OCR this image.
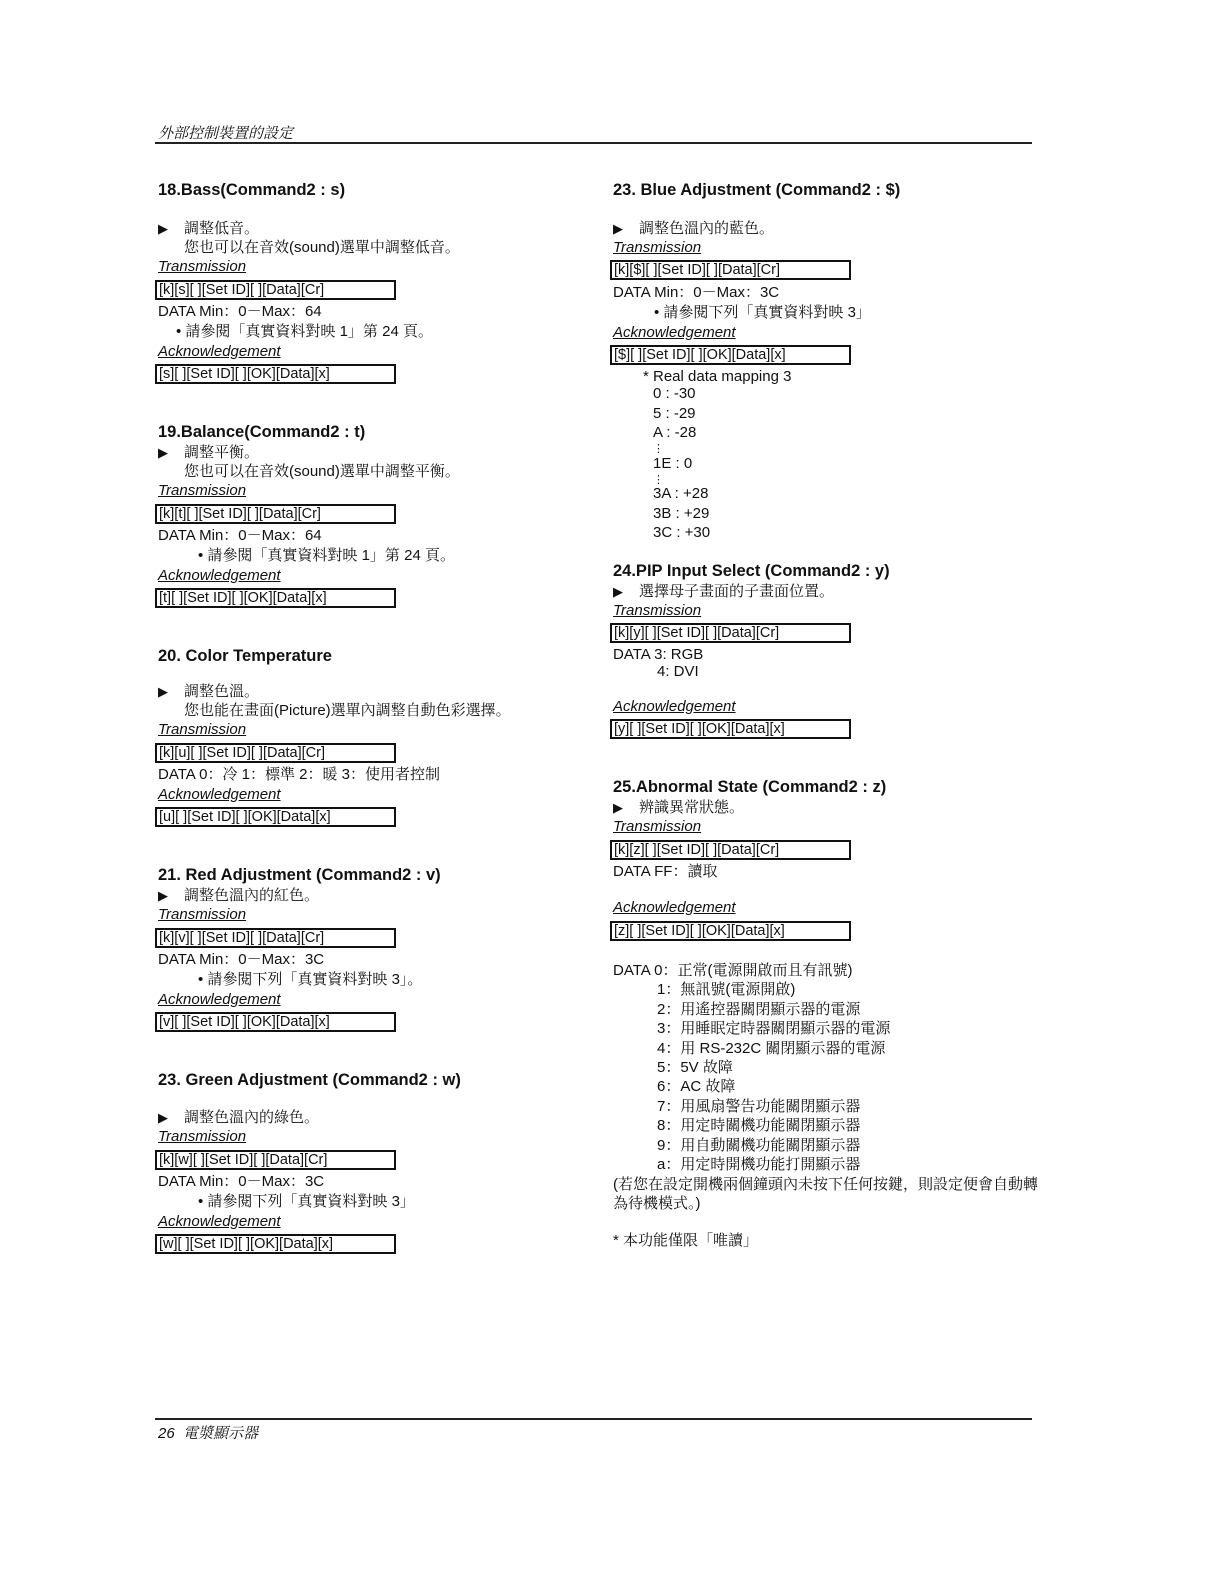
外部控制裝置的設定
18.Bass(Command2 : s)
▶ 調整低音。
您也可以在音效(sound)選單中調整低音。
Transmission
[k][s][ ][Set ID][ ][Data][Cr]
DATA Min：0－Max：64
• 請參閱「真實資料對映 1」第 24 頁。
Acknowledgement
[s][ ][Set ID][ ][OK][Data][x]
19.Balance(Command2 : t)
▶ 調整平衡。
您也可以在音效(sound)選單中調整平衡。
Transmission
[k][t][ ][Set ID][ ][Data][Cr]
DATA Min：0－Max：64
• 請參閱「真實資料對映 1」第 24 頁。
Acknowledgement
[t][ ][Set ID][ ][OK][Data][x]
20. Color Temperature
▶ 調整色溫。
您也能在畫面(Picture)選單內調整自動色彩選擇。
Transmission
[k][u][ ][Set ID][ ][Data][Cr]
DATA 0：冷 1：標準 2：暖 3：使用者控制
Acknowledgement
[u][ ][Set ID][ ][OK][Data][x]
21. Red Adjustment (Command2 : v)
▶ 調整色溫內的紅色。
Transmission
[k][v][ ][Set ID][ ][Data][Cr]
DATA Min：0－Max：3C
• 請參閱下列「真實資料對映 3」。
Acknowledgement
[v][ ][Set ID][ ][OK][Data][x]
23. Green Adjustment (Command2 : w)
▶ 調整色溫內的綠色。
Transmission
[k][w][ ][Set ID][ ][Data][Cr]
DATA Min：0－Max：3C
• 請參閱下列「真實資料對映 3」
Acknowledgement
[w][ ][Set ID][ ][OK][Data][x]
23. Blue Adjustment (Command2 : $)
▶ 調整色溫內的藍色。
Transmission
[k][$][ ][Set ID][ ][Data][Cr]
DATA Min：0－Max：3C
• 請參閱下列「真實資料對映 3」
Acknowledgement
[$][ ][Set ID][ ][OK][Data][x]
* Real data mapping 3
0 : -30
5 : -29
A : -28
⋮
1E : 0
⋮
3A : +28
3B : +29
3C : +30
24.PIP Input Select (Command2 : y)
▶ 選擇母子畫面的子畫面位置。
Transmission
[k][y][ ][Set ID][ ][Data][Cr]
DATA 3: RGB
4: DVI
Acknowledgement
[y][ ][Set ID][ ][OK][Data][x]
25.Abnormal State (Command2 : z)
▶ 辨識異常狀態。
Transmission
[k][z][ ][Set ID][ ][Data][Cr]
DATA FF：讀取
Acknowledgement
[z][ ][Set ID][ ][OK][Data][x]
DATA 0：正常(電源開啟而且有訊號)
1：無訊號(電源開啟)
2：用遙控器關閉顯示器的電源
3：用睡眠定時器關閉顯示器的電源
4：用 RS-232C 關閉顯示器的電源
5：5V 故障
6：AC 故障
7：用風扇警告功能關閉顯示器
8：用定時關機功能關閉顯示器
9：用自動關機功能關閉顯示器
a：用定時開機功能打開顯示器
(若您在設定開機兩個鐘頭內未按下任何按鍵，則設定便會自動轉
為待機模式。)
* 本功能僅限「唯讀」
26 電漿顯示器
